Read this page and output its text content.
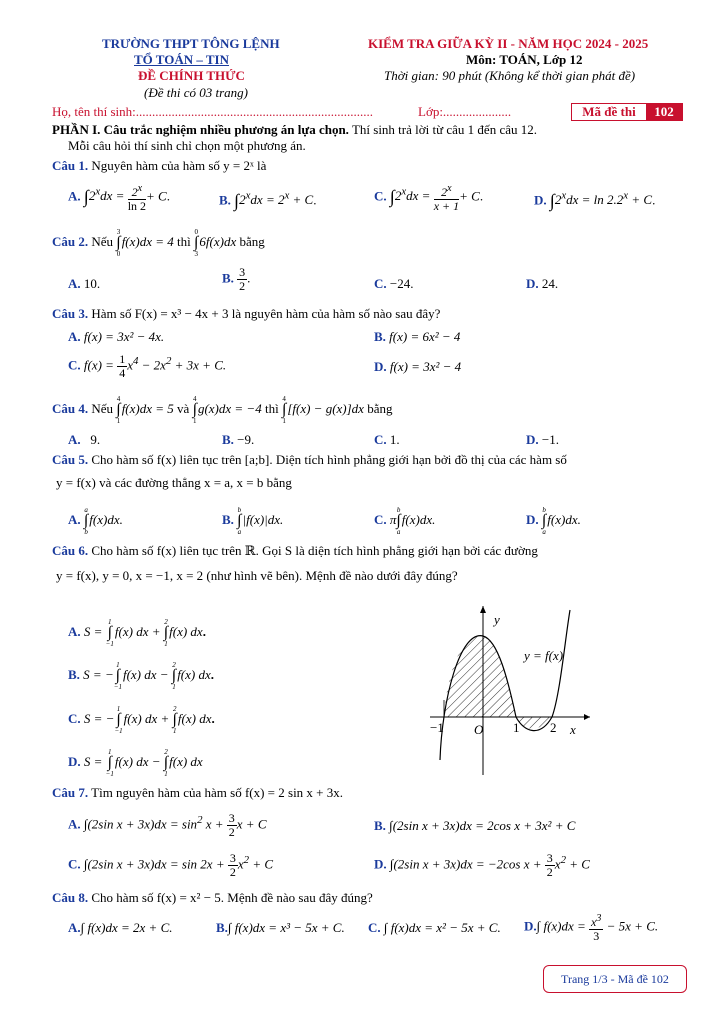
TRƯỜNG THPT TÔNG LỆNH
TỔ TOÁN – TIN
ĐỀ CHÍNH THỨC
(Đề thi có 03 trang)
KIỂM TRA GIỮA KỲ II - NĂM HỌC 2024 - 2025
Môn: TOÁN, Lớp 12
Thời gian: 90 phút (Không kể thời gian phát đề)
Họ, tên thí sinh:.........................................................................	Lớp:.....................	Mã đề thi	102
PHẦN I. Câu trắc nghiệm nhiều phương án lựa chọn. Thí sinh trả lời từ câu 1 đến câu 12.
Mỗi câu hỏi thí sinh chỉ chọn một phương án.
Câu 1. Nguyên hàm của hàm số y = 2ˣ là
A. $\int 2^xdx = \frac{2^x}{\ln 2} + C$.	B. $\int 2^xdx = 2^x + C$.	C. $\int 2^xdx = \frac{2^x}{x + 1} + C$.	D. $\int 2^xdx = \ln 2.2^x + C$.
Câu 2. Nếu
3
∫
0
f(x)dx = 4 thì
0
∫
3
6f(x)dx bằng
A. 10.	B. $\frac{3}{2}$ .	C. −24.	D. 24.
Câu 3. Hàm số F(x) = x³ − 4x + 3 là nguyên hàm của hàm số nào sau đây?
A. f(x) = 3x² − 4x.	B. f(x) = 6x² − 4
C. $f(x) = \frac{1}{4} x^4 - 2x^2 + 3x + C$.	D. f(x) = 3x² − 4
Câu 4. Nếu
4
∫
1
f(x)dx = 5 và
4
∫
1
g(x)dx = −4 thì
4
∫
1
[f(x) − g(x)]dx bằng
A. 9.	B. −9.	C. 1.	D. −1.
Câu 5. Cho hàm số f(x) liên tục trên [a;b]. Diện tích hình phẳng giới hạn bởi đồ thị của các hàm số
y = f(x) và các đường thẳng x = a, x = b bằng
A.
a
∫
b
f(x)dx.	B.
b
∫
a
|f(x)|dx.	C. π
b
∫
a
f(x)dx.	D.
b
∫
a
f(x)dx.
Câu 6. Cho hàm số f(x) liên tục trên ℝ. Gọi S là diện tích hình phẳng giới hạn bởi các đường
y = f(x), y = 0, x = −1, x = 2 (như hình vẽ bên). Mệnh đề nào dưới đây đúng?
A. S =
1
∫
−1
f(x) dx +
2
∫
1
f(x) dx.
B. S = −
1
∫
−1
f(x) dx −
2
∫
1
f(x) dx.
C. S = −
1
∫
−1
f(x) dx +
2
∫
1
f(x) dx.
D. S =
1
∫
−1
f(x) dx −
2
∫
1
f(x) dx
y
x
y = f(x)
O
−1	1 2
Câu 7. Tìm nguyên hàm của hàm số f(x) = 2 sin x + 3x.
A. ∫(2sin $x + 3x)dx = \sin^2 x + \frac{3}{2}$ x + C	B. ∫(2sin x + 3x)dx = 2cos x + 3x² + C
C. ∫(2sin $x + 3x)dx = \sin 2x + \frac{3}{2} x^2 + C$	D. ∫(2sin x + 3x)dx = −2cos $x + \frac{3}{2} x^2 + C$
Câu 8. Cho hàm số f(x) = x² − 5. Mệnh đề nào sau đây đúng?
A.∫ f(x)dx = 2x + C.	B.∫ f(x)dx = x³ − 5x + C. C. ∫ f(x)dx = x² − 5x + C. D.∫ $f(x)dx = \frac{x^3}{3} - 5x + C$.
Trang 1/3 - Mã đề 102
